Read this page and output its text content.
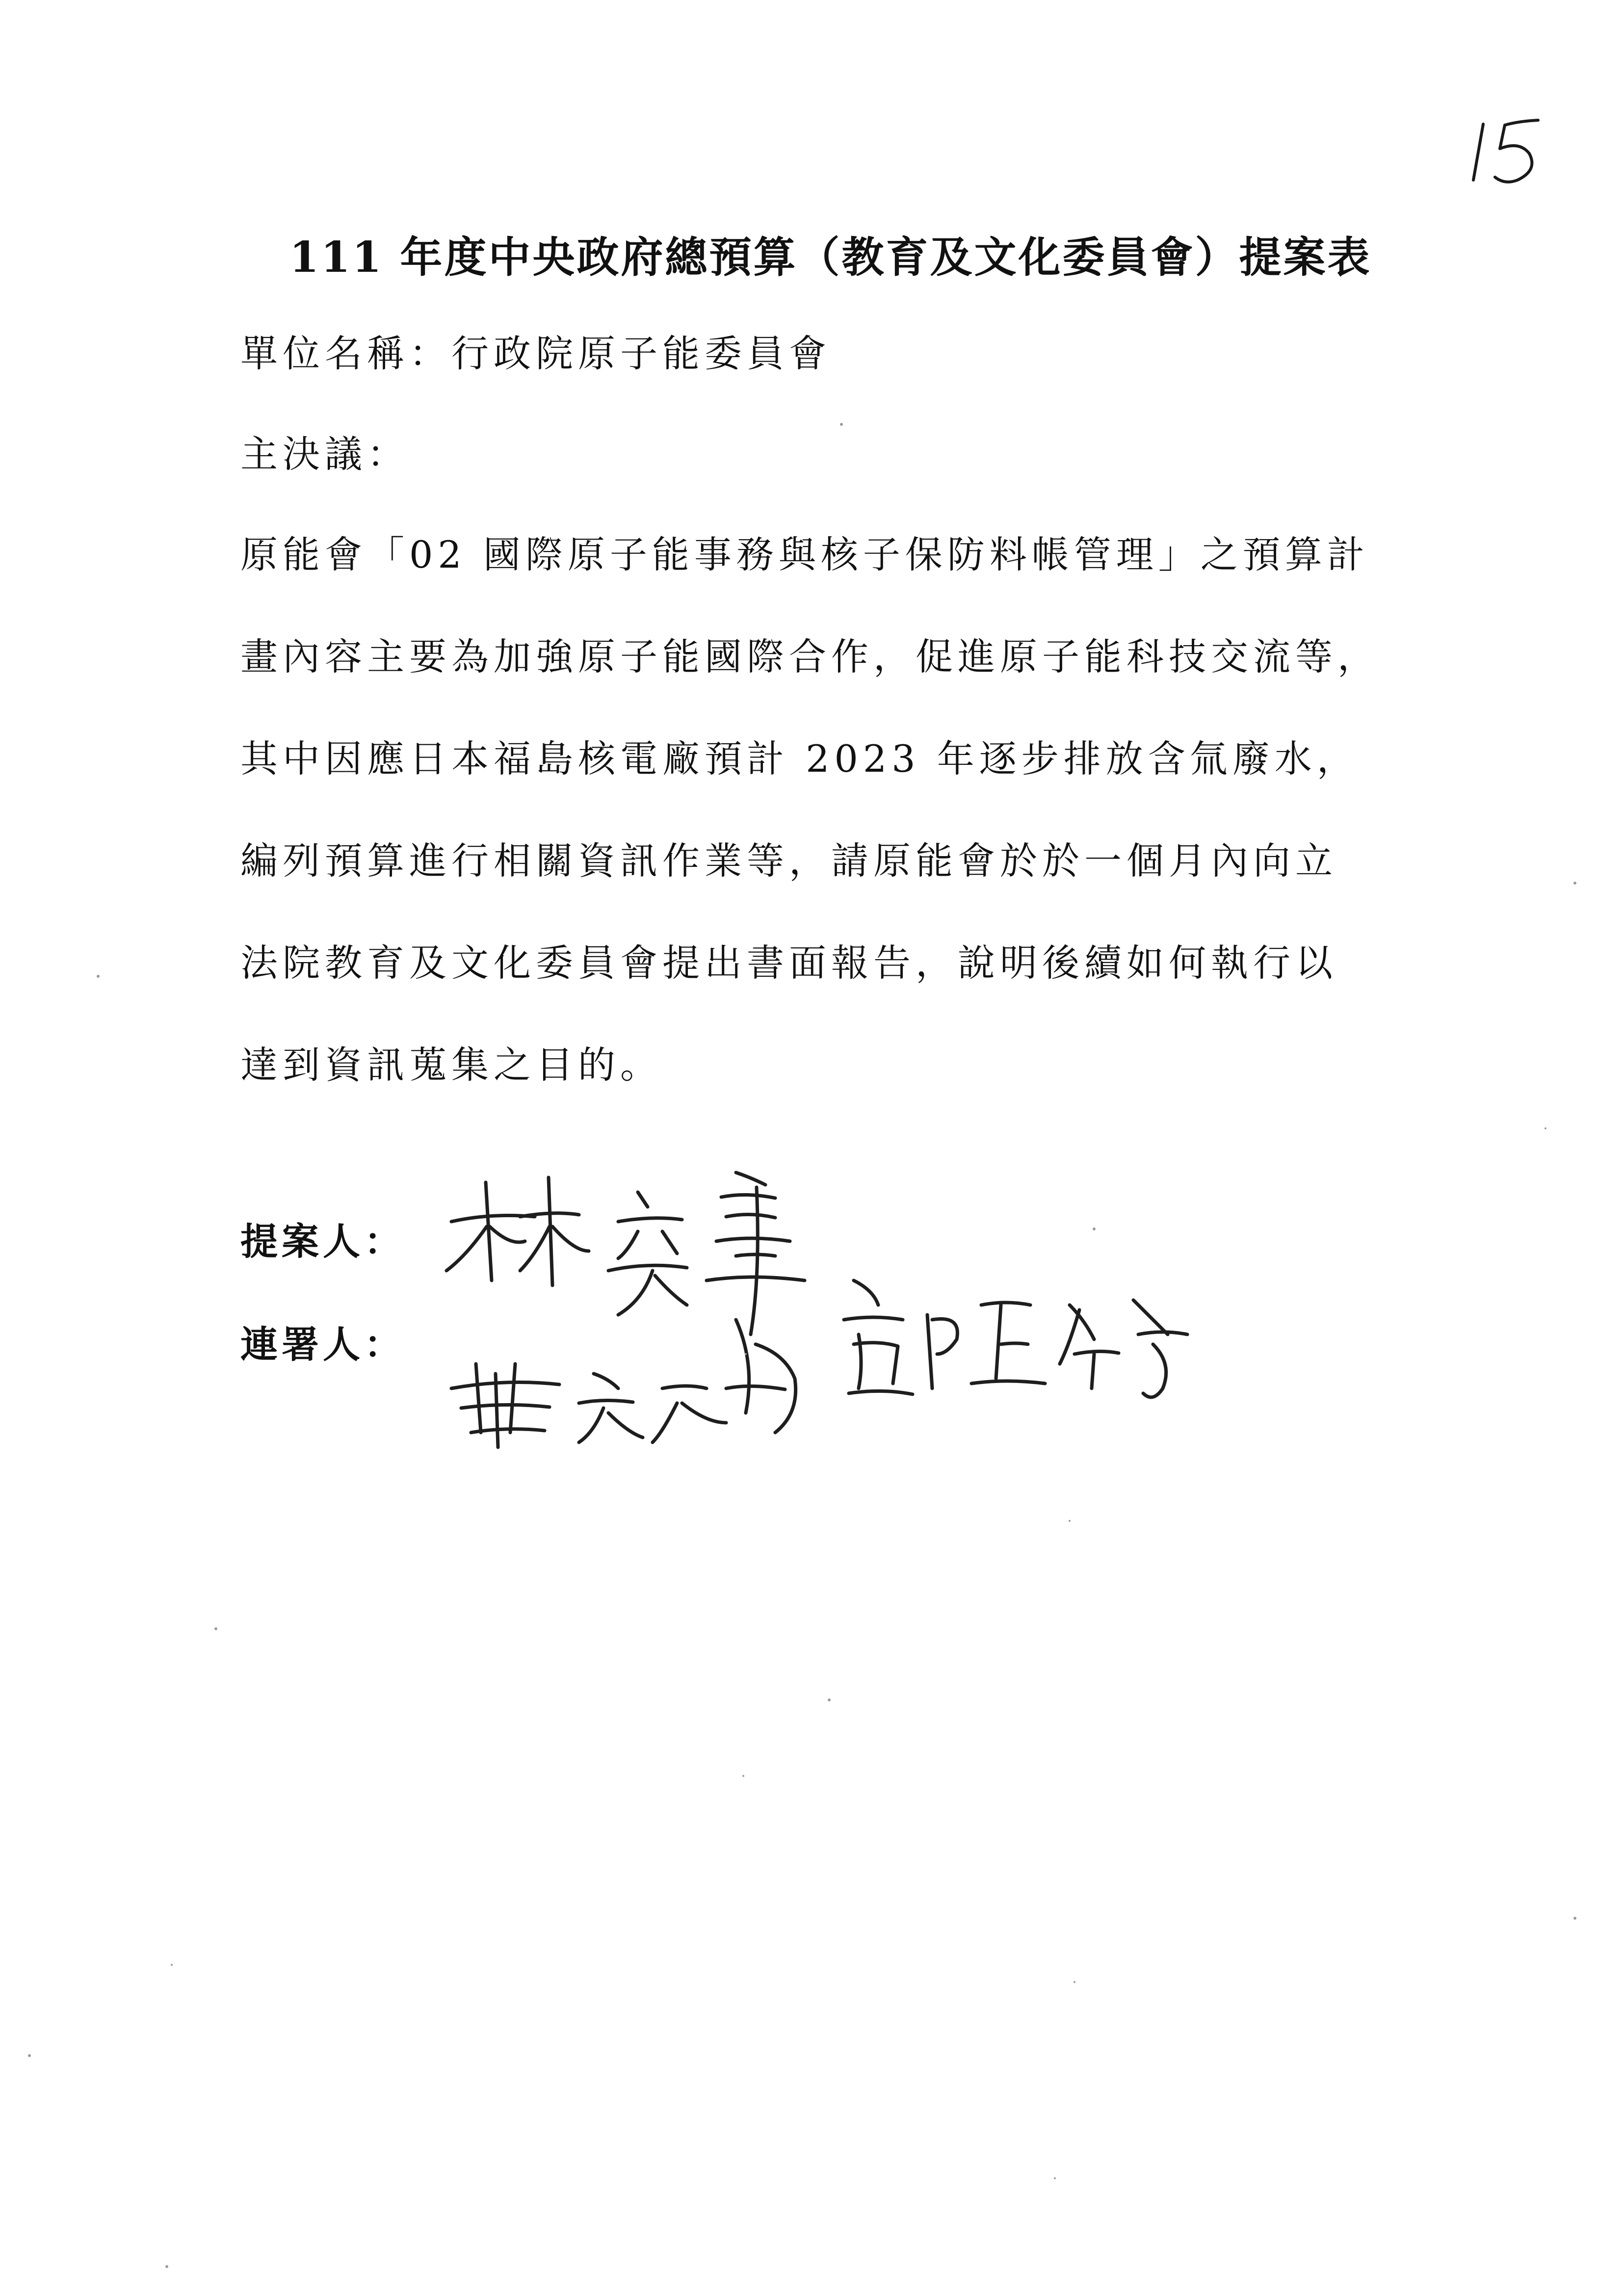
111 年度中央政府總預算（教育及文化委員會）提案表
單位名稱：行政院原子能委員會
主決議：
原能會「02 國際原子能事務與核子保防料帳管理」之預算計
畫內容主要為加強原子能國際合作，促進原子能科技交流等，
其中因應日本福島核電廠預計 2023 年逐步排放含氚廢水，
編列預算進行相關資訊作業等，請原能會於於一個月內向立
法院教育及文化委員會提出書面報告，說明後續如何執行以
達到資訊蒐集之目的。
提案人：
連署人：
